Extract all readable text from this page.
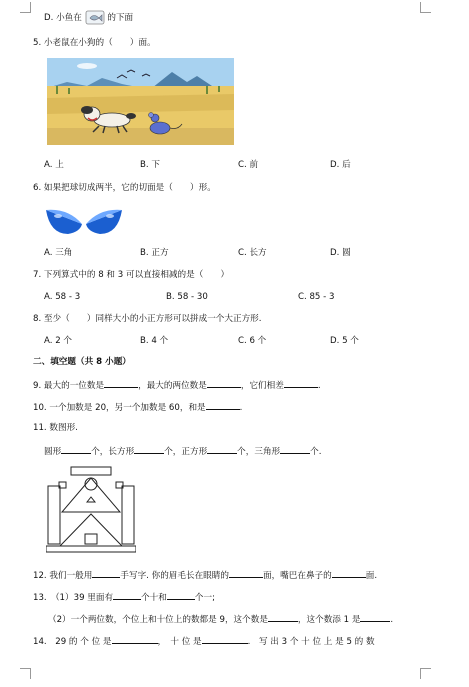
D. 小鱼在	的下面
5. 小老鼠在小狗的（　　）面。
A. 上	B. 下	C. 前	D. 后
6. 如果把球切成两半，它的切面是（　　）形。
A. 三角	B. 正方	C. 长方	D. 圆
7. 下列算式中的 8 和 3 可以直接相减的是（　　）
A. 58 - 3	B. 58 - 30	C. 85 - 3
8. 至少（　　）同样大小的小正方形可以拼成一个大正方形.
A. 2 个	B. 4 个	C. 6 个	D. 5 个
二、填空题（共 8 小题）
9. 最大的一位数是	，最大的两位数是	，它们相差	.
10. 一个加数是 20，另一个加数是 60，和是	.
11. 数图形.
圆形	个，长方形	个，正方形	个，三角形	个.
12. 我们一般用	手写字. 你的眉毛长在眼睛的	面，嘴巴在鼻子的	面.
13.　（1）39 里面有	个十和	个一;
（2）一个两位数，个位上和十位上的数都是 9，这个数是	，这个数添 1 是	.
14.　29 的 个 位 是	，　十 位 是	.　写 出 3 个 十 位 上 是 5 的 数
